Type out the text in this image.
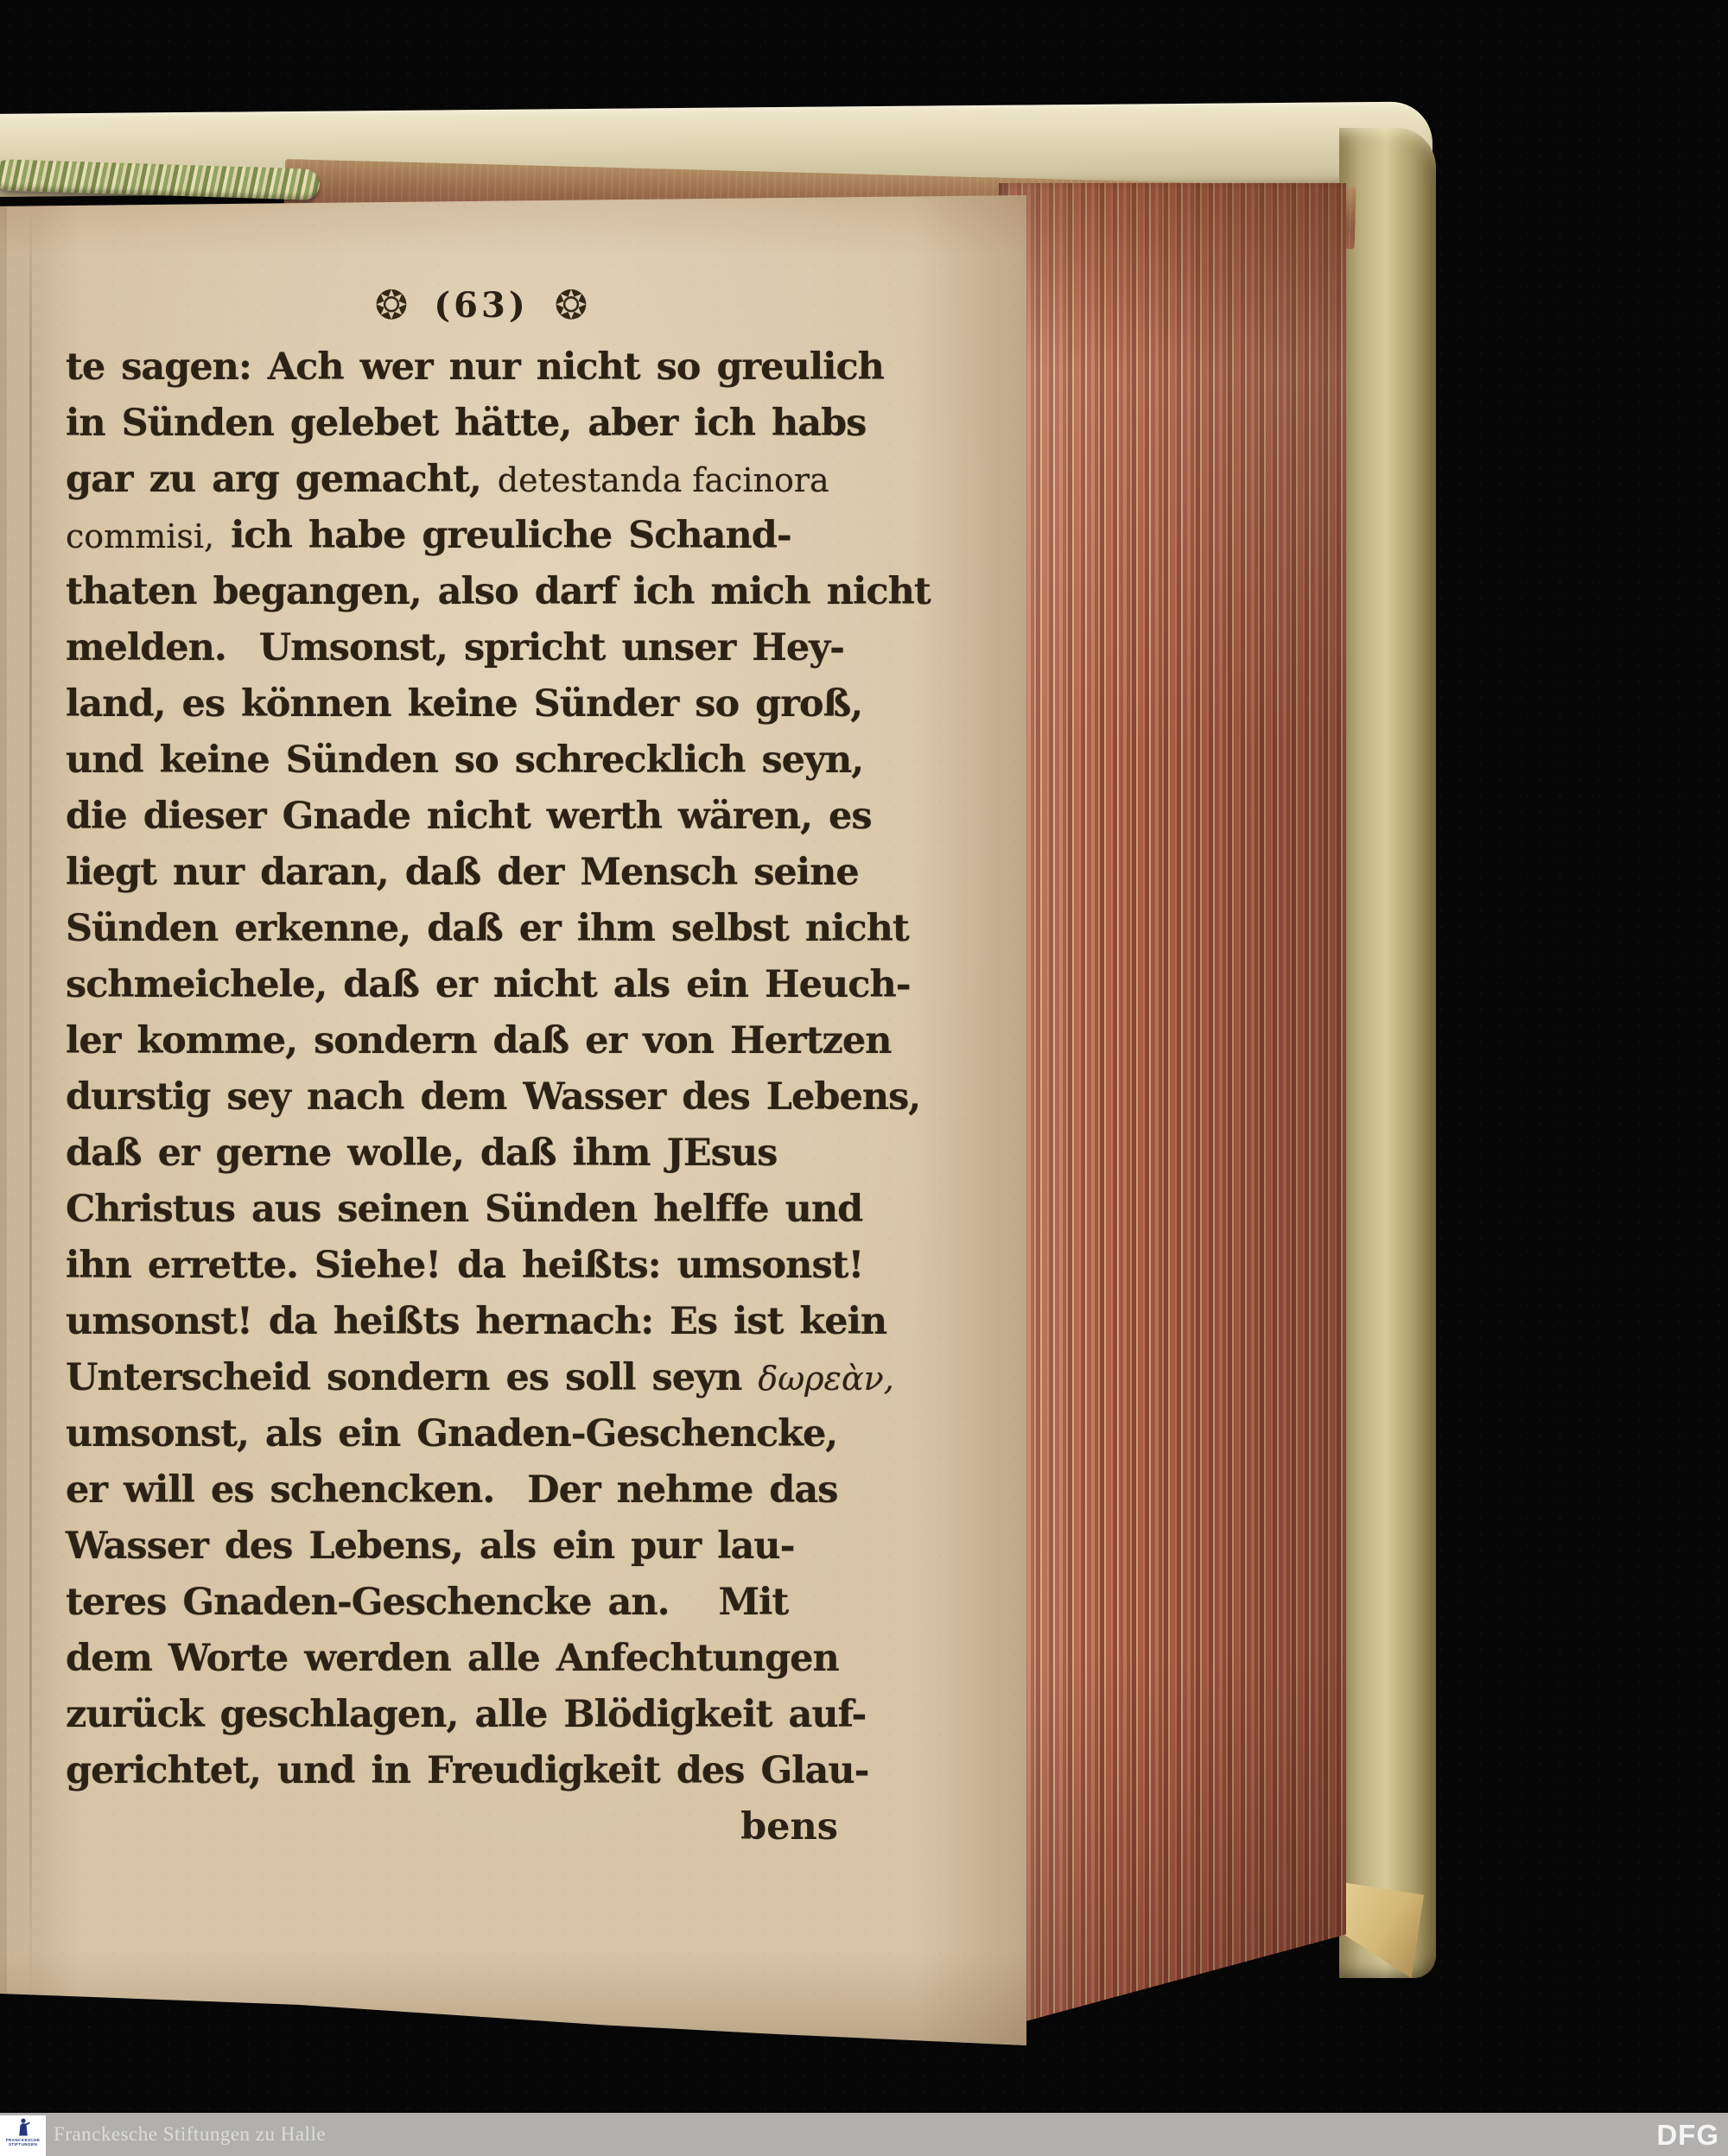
❂ (63) ❂
te sagen: Ach wer nur nicht so greulich
in Sünden gelebet hätte, aber ich habs
gar zu arg gemacht, detestanda facinora
commisi, ich habe greuliche Schand-
thaten begangen, also darf ich mich nicht
melden.  Umsonst, spricht unser Hey-
land, es können keine Sünder so groß,
und keine Sünden so schrecklich seyn,
die dieser Gnade nicht werth wären, es
liegt nur daran, daß der Mensch seine
Sünden erkenne, daß er ihm selbst nicht
schmeichele, daß er nicht als ein Heuch-
ler komme, sondern daß er von Hertzen
durstig sey nach dem Wasser des Lebens,
daß er gerne wolle, daß ihm JEsus
Christus aus seinen Sünden helffe und
ihn errette. Siehe! da heißts: umsonst!
umsonst! da heißts hernach: Es ist kein
Unterscheid sondern es soll seyn δωρεὰν,
umsonst, als ein Gnaden-Geschencke,
er will es schencken.  Der nehme das
Wasser des Lebens, als ein pur lau-
teres Gnaden-Geschencke an.   Mit
dem Worte werden alle Anfechtungen
zurück geschlagen, alle Blödigkeit auf-
gerichtet, und in Freudigkeit des Glau-
bens
FRANCKESCHE
STIFTUNGEN Franckesche Stiftungen zu Halle	DFG
